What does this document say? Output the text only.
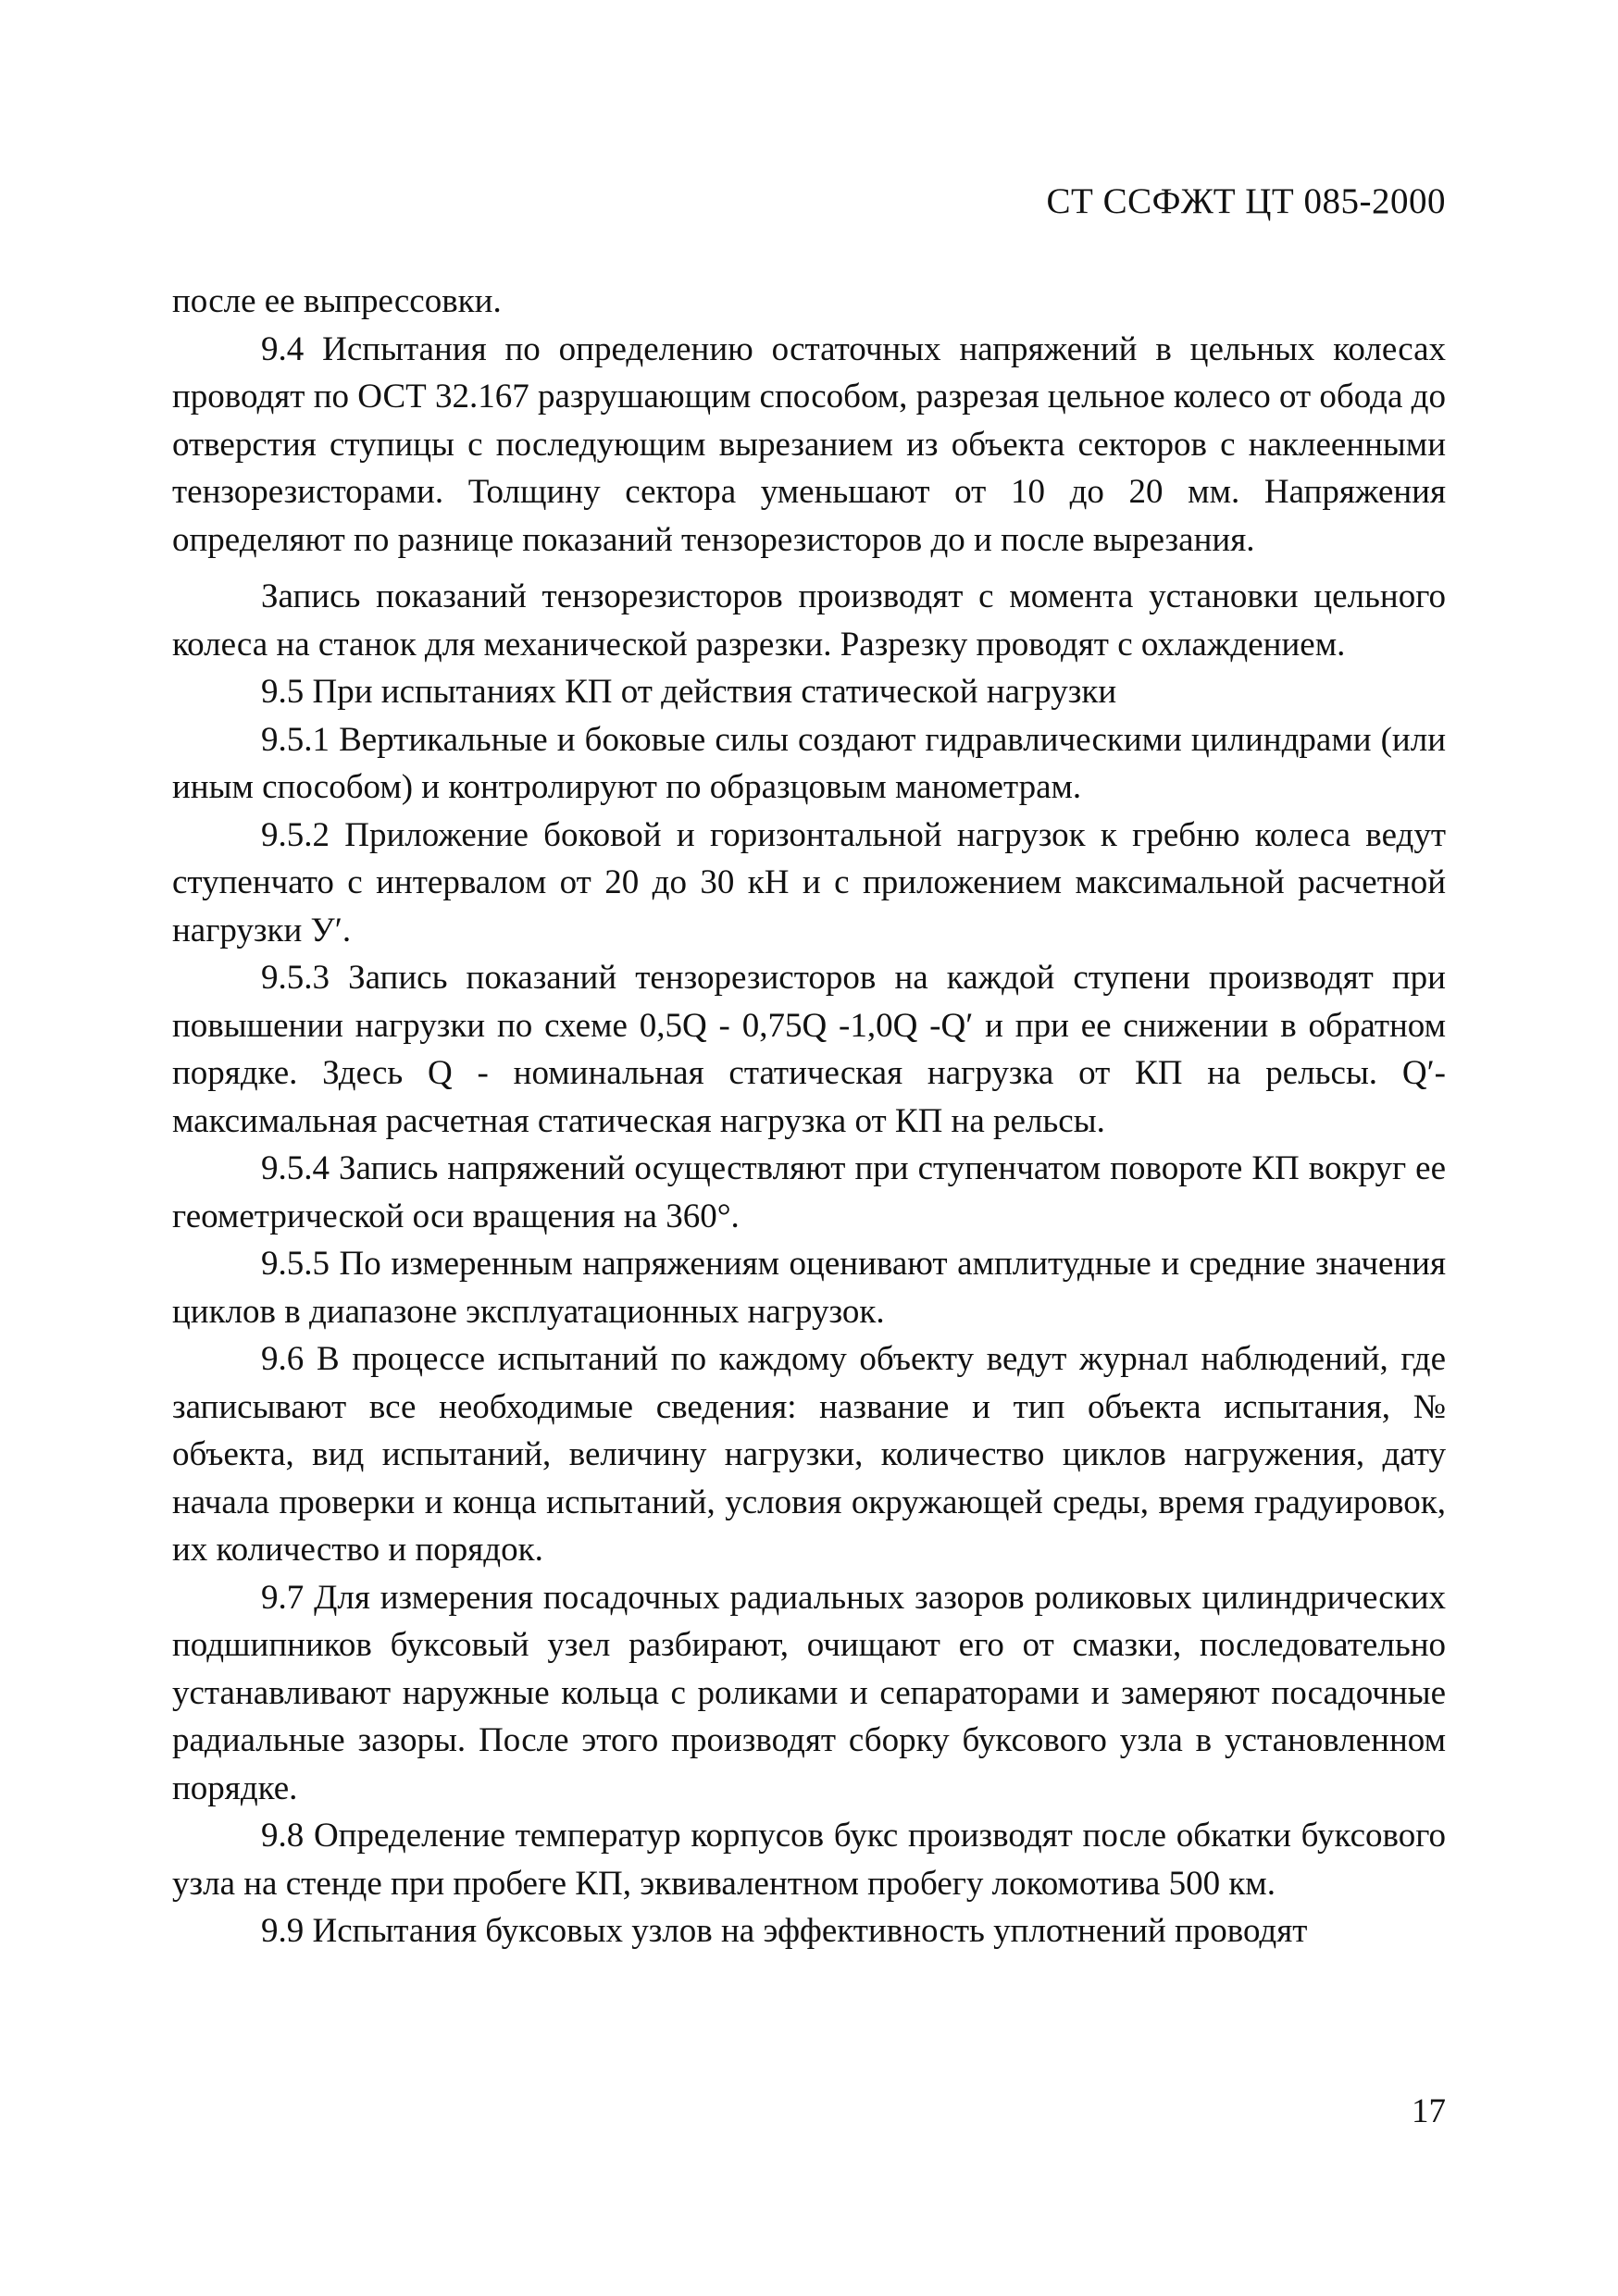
СТ ССФЖТ ЦТ 085-2000

после ее выпрессовки.

9.4 Испытания по определению остаточных напряжений в цельных колесах проводят по ОСТ 32.167 разрушающим способом, разрезая цельное колесо от обода до отверстия ступицы с последующим вырезанием из объекта секторов с наклеенными тензорезисторами. Толщину сектора уменьшают от 10 до 20 мм. Напряжения определяют по разнице показаний тензорезисторов до и после вырезания.

Запись показаний тензорезисторов производят с момента установки цельного колеса на станок для механической разрезки. Разрезку проводят с охлаждением.

9.5 При испытаниях КП от действия статической нагрузки

9.5.1 Вертикальные и боковые силы создают гидравлическими цилиндрами (или иным способом) и контролируют по образцовым манометрам.

9.5.2 Приложение боковой и горизонтальной нагрузок к гребню колеса ведут ступенчато с интервалом от 20 до 30 кН и с приложением максимальной расчетной нагрузки У′.

9.5.3 Запись показаний тензорезисторов на каждой ступени производят при повышении нагрузки по схеме 0,5Q - 0,75Q -1,0Q -Q′ и при ее снижении в обратном порядке. Здесь Q - номинальная статическая нагрузка от КП на рельсы. Q′-максимальная расчетная статическая нагрузка от КП на рельсы.

9.5.4 Запись напряжений осуществляют при ступенчатом повороте КП вокруг ее геометрической оси вращения на 360°.

9.5.5 По измеренным напряжениям оценивают амплитудные и средние значения циклов в диапазоне эксплуатационных нагрузок.

9.6 В процессе испытаний по каждому объекту ведут журнал наблюдений, где записывают все необходимые сведения: название и тип объекта испытания, № объекта, вид испытаний, величину нагрузки, количество циклов нагружения, дату начала проверки и конца испытаний, условия окружающей среды, время градуировок, их количество и порядок.

9.7 Для измерения посадочных радиальных зазоров роликовых цилиндрических подшипников буксовый узел разбирают, очищают его от смазки, последовательно устанавливают наружные кольца с роликами и сепараторами и замеряют посадочные радиальные зазоры. После этого производят сборку буксового узла в установленном порядке.

9.8 Определение температур корпусов букс производят после обкатки буксового узла на стенде при пробеге КП, эквивалентном пробегу локомотива 500 км.

9.9 Испытания буксовых узлов на эффективность уплотнений проводят

17
